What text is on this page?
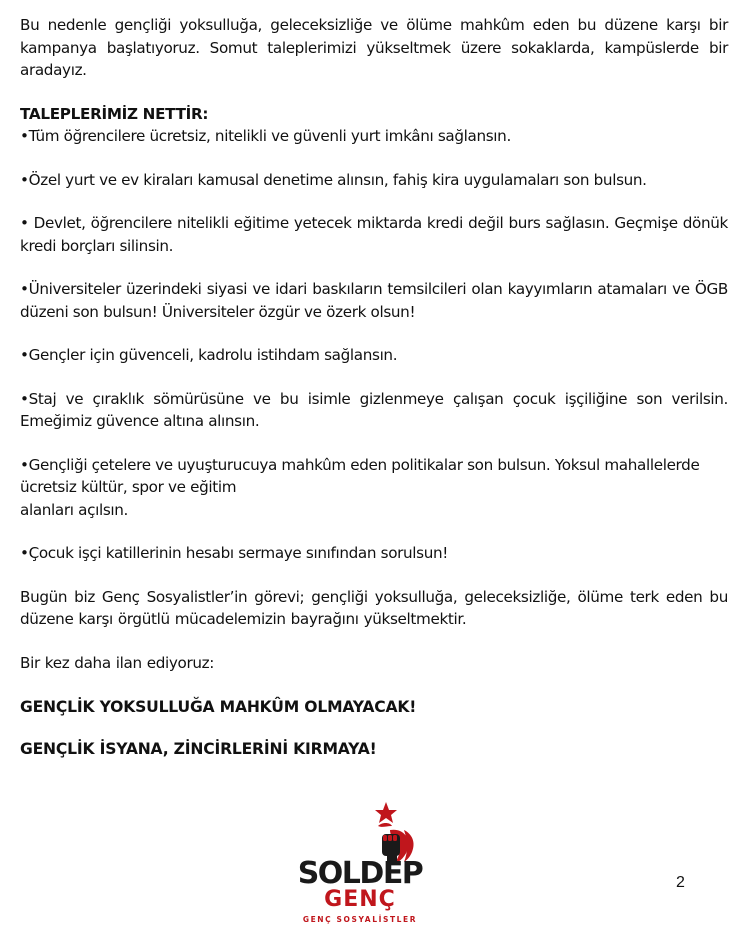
Bu nedenle gençliği yoksulluğa, geleceksizliğe ve ölüme mahkûm eden bu düzene karşı bir kampanya başlatıyoruz. Somut taleplerimizi yükseltmek üzere sokaklarda, kampüslerde bir aradayız.

TALEPLERİMİZ NETTİR:

•Tüm öğrencilere ücretsiz, nitelikli ve güvenli yurt imkânı sağlansın.

•Özel yurt ve ev kiraları kamusal denetime alınsın, fahiş kira uygulamaları son bulsun.

• Devlet, öğrencilere nitelikli eğitime yetecek miktarda kredi değil burs sağlasın. Geçmişe dönük kredi borçları silinsin.

•Üniversiteler üzerindeki siyasi ve idari baskıların temsilcileri olan kayyımların atamaları ve ÖGB düzeni son bulsun! Üniversiteler özgür ve özerk olsun!

•Gençler için güvenceli, kadrolu istihdam sağlansın.

•Staj ve çıraklık sömürüsüne ve bu isimle gizlenmeye çalışan çocuk işçiliğine son verilsin. Emeğimiz güvence altına alınsın.

•Gençliği çetelere ve uyuşturucuya mahkûm eden politikalar son bulsun. Yoksul mahallelerde ücretsiz kültür, spor ve eğitim
alanları açılsın.

•Çocuk işçi katillerinin hesabı sermaye sınıfından sorulsun!

Bugün biz Genç Sosyalistler’in görevi; gençliği yoksulluğa, geleceksizliğe, ölüme terk eden bu düzene karşı örgütlü mücadelemizin bayrağını yükseltmektir.

Bir kez daha ilan ediyoruz:

GENÇLİK YOKSULLUĞA MAHKÛM OLMAYACAK!

GENÇLİK İSYANA, ZİNCİRLERİNİ KIRMAYA!

SOLDEP
GENÇ
GENÇ SOSYALİSTLER
2
